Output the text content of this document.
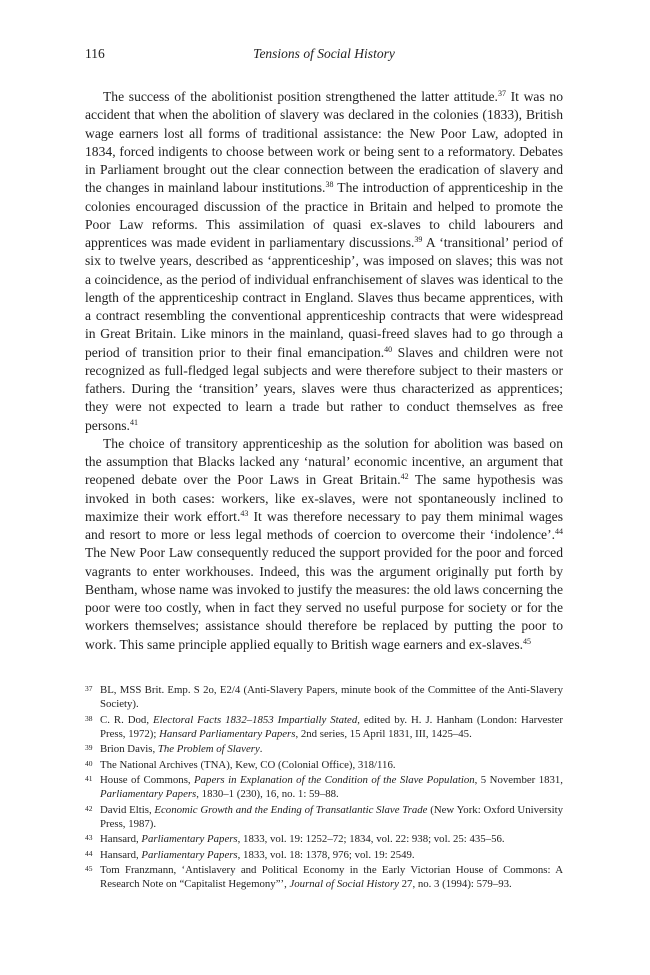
116	Tensions of Social History

The success of the abolitionist position strengthened the latter attitude.$^{37}$ It was no accident that when the abolition of slavery was declared in the colonies (1833), British wage earners lost all forms of traditional assistance: the New Poor Law, adopted in 1834, forced indigents to choose between work or being sent to a reformatory. Debates in Parliament brought out the clear connection between the eradication of slavery and the changes in mainland labour institutions.$^{38}$ The introduction of apprenticeship in the colonies encouraged discussion of the practice in Britain and helped to promote the Poor Law reforms. This assimilation of quasi ex-slaves to child labourers and apprentices was made evident in parliamentary discussions.$^{39}$ A ‘transitional’ period of six to twelve years, described as ‘apprenticeship’, was imposed on slaves; this was not a coincidence, as the period of individual enfranchisement of slaves was identical to the length of the apprenticeship contract in England. Slaves thus became apprentices, with a contract resembling the conventional apprenticeship contracts that were widespread in Great Britain. Like minors in the mainland, quasi-freed slaves had to go through a period of transition prior to their final emancipation.$^{40}$ Slaves and children were not recognized as full-fledged legal subjects and were therefore subject to their masters or fathers. During the ‘transition’ years, slaves were thus characterized as apprentices; they were not expected to learn a trade but rather to conduct themselves as free persons.$^{41}$

The choice of transitory apprenticeship as the solution for abolition was based on the assumption that Blacks lacked any ‘natural’ economic incentive, an argument that reopened debate over the Poor Laws in Great Britain.$^{42}$ The same hypothesis was invoked in both cases: workers, like ex-slaves, were not spontaneously inclined to maximize their work effort.$^{43}$ It was therefore necessary to pay them minimal wages and resort to more or less legal methods of coercion to overcome their ‘indolence’.$^{44}$ The New Poor Law consequently reduced the support provided for the poor and forced vagrants to enter workhouses. Indeed, this was the argument originally put forth by Bentham, whose name was invoked to justify the measures: the old laws concerning the poor were too costly, when in fact they served no useful purpose for society or for the workers themselves; assistance should therefore be replaced by putting the poor to work. This same principle applied equally to British wage earners and ex-slaves.$^{45}$

37 BL, MSS Brit. Emp. S 2o, E2/4 (Anti-Slavery Papers, minute book of the Committee of the Anti-Slavery Society).
38 C. R. Dod, Electoral Facts 1832–1853 Impartially Stated, edited by. H. J. Hanham (London: Harvester Press, 1972); Hansard Parliamentary Papers, 2nd series, 15 April 1831, III, 1425–45.
39 Brion Davis, The Problem of Slavery.
40 The National Archives (TNA), Kew, CO (Colonial Office), 318/116.
41 House of Commons, Papers in Explanation of the Condition of the Slave Population, 5 November 1831, Parliamentary Papers, 1830–1 (230), 16, no. 1: 59–88.
42 David Eltis, Economic Growth and the Ending of Transatlantic Slave Trade (New York: Oxford University Press, 1987).
43 Hansard, Parliamentary Papers, 1833, vol. 19: 1252–72; 1834, vol. 22: 938; vol. 25: 435–56.
44 Hansard, Parliamentary Papers, 1833, vol. 18: 1378, 976; vol. 19: 2549.
45 Tom Franzmann, ‘Antislavery and Political Economy in the Early Victorian House of Commons: A Research Note on “Capitalist Hegemony”’, Journal of Social History 27, no. 3 (1994): 579–93.
